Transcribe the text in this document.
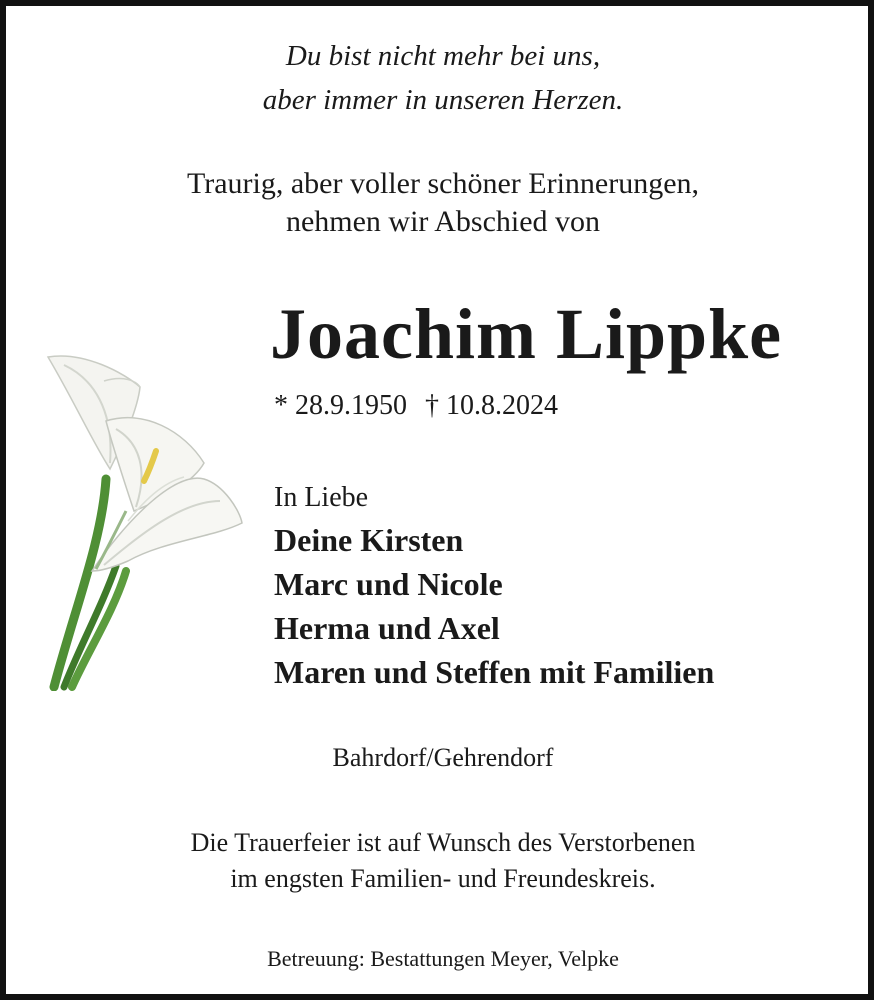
Du bist nicht mehr bei uns,
aber immer in unseren Herzen.
Traurig, aber voller schöner Erinnerungen,
nehmen wir Abschied von
Joachim Lippke
* 28.9.1950 † 10.8.2024
In Liebe
Deine Kirsten
Marc und Nicole
Herma und Axel
Maren und Steffen mit Familien
Bahrdorf/Gehrendorf
Die Trauerfeier ist auf Wunsch des Verstorbenen
im engsten Familien- und Freundeskreis.
Betreuung: Bestattungen Meyer, Velpke
